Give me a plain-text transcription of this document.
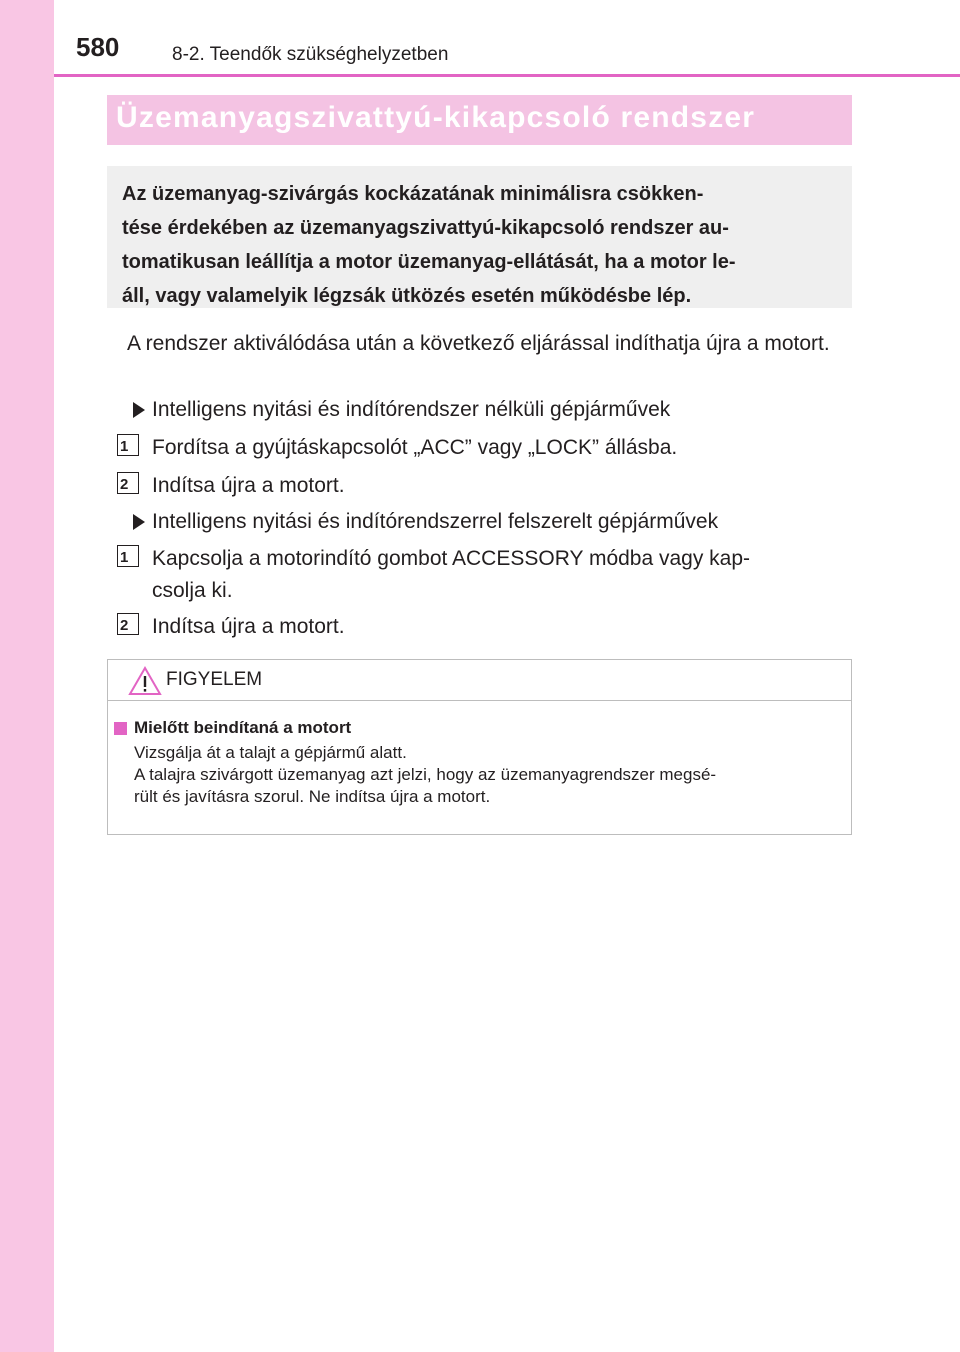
580	8-2. Teendők szükséghelyzetben
Üzemanyagszivattyú-kikapcsoló rendszer
Az üzemanyag-szivárgás kockázatának minimálisra csökken-
tése érdekében az üzemanyagszivattyú-kikapcsoló rendszer au-
tomatikusan leállítja a motor üzemanyag-ellátását, ha a motor le-
áll, vagy valamelyik légzsák ütközés esetén működésbe lép.
A rendszer aktiválódása után a következő eljárással indíthatja újra a motort.
Intelligens nyitási és indítórendszer nélküli gépjárművek
1	Fordítsa a gyújtáskapcsolót „ACC” vagy „LOCK” állásba.
2	Indítsa újra a motort.
Intelligens nyitási és indítórendszerrel felszerelt gépjárművek
1	Kapcsolja a motorindító gombot ACCESSORY módba vagy kap-
csolja ki.
2	Indítsa újra a motort.
FIGYELEM
Mielőtt beindítaná a motort
Vizsgálja át a talajt a gépjármű alatt.
A talajra szivárgott üzemanyag azt jelzi, hogy az üzemanyagrendszer megsé-
rült és javításra szorul. Ne indítsa újra a motort.
